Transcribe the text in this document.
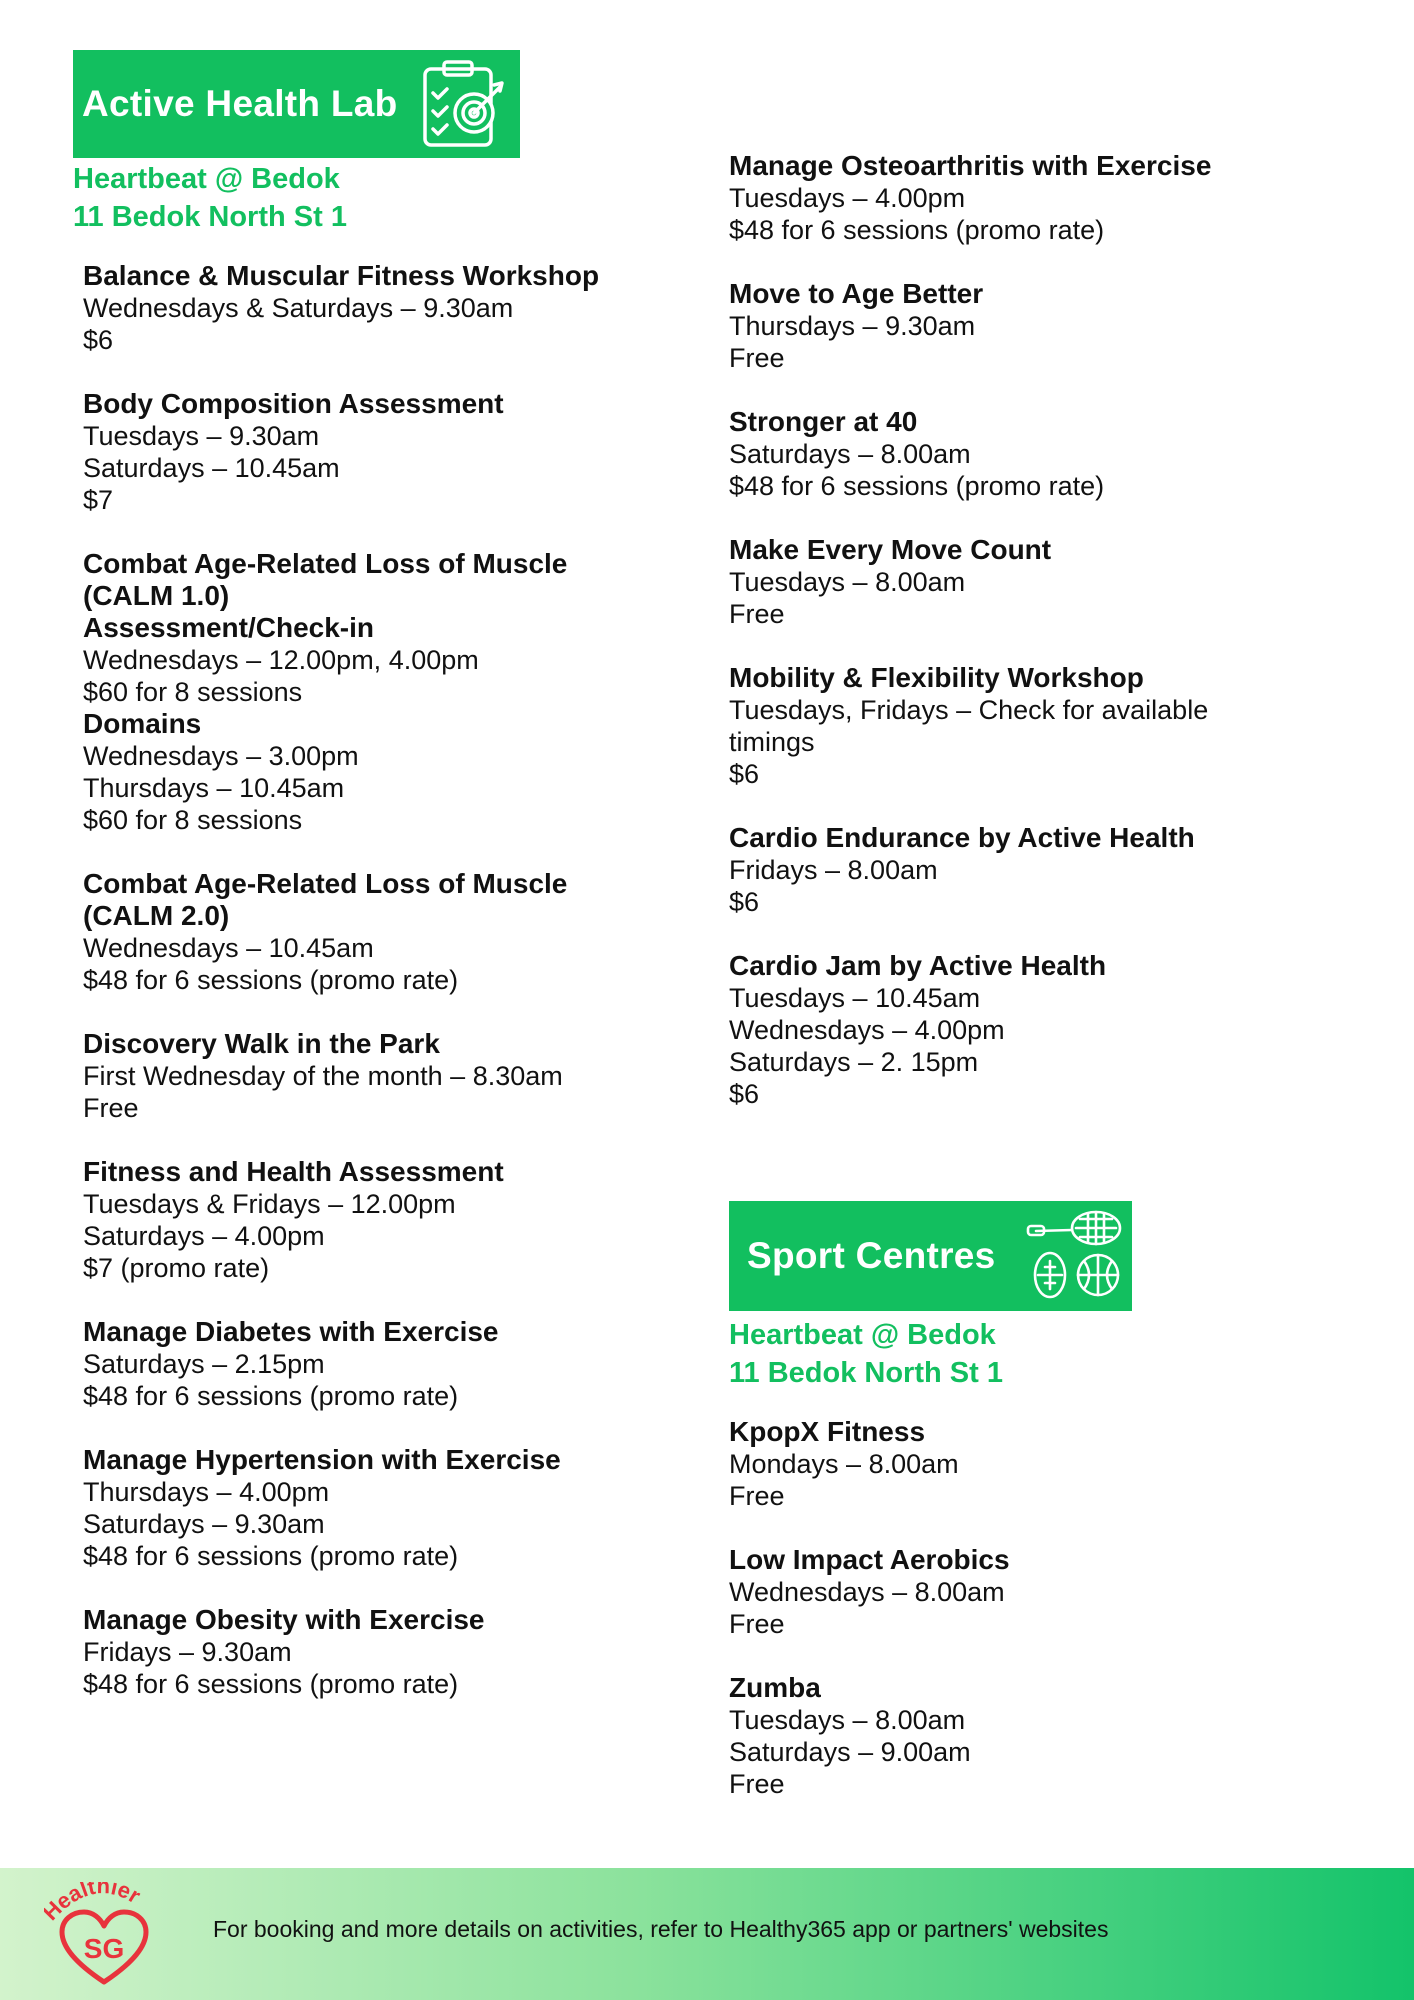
Active Health Lab
Heartbeat @ Bedok
11 Bedok North St 1
Balance & Muscular Fitness Workshop
Wednesdays & Saturdays – 9.30am
$6
Body Composition Assessment
Tuesdays – 9.30am
Saturdays – 10.45am
$7
Combat Age-Related Loss of Muscle
(CALM 1.0)
Assessment/Check-in
Wednesdays – 12.00pm, 4.00pm
$60 for 8 sessions
Domains
Wednesdays – 3.00pm
Thursdays – 10.45am
$60 for 8 sessions
Combat Age-Related Loss of Muscle
(CALM 2.0)
Wednesdays – 10.45am
$48 for 6 sessions (promo rate)
Discovery Walk in the Park
First Wednesday of the month – 8.30am
Free
Fitness and Health Assessment
Tuesdays & Fridays – 12.00pm
Saturdays – 4.00pm
$7 (promo rate)
Manage Diabetes with Exercise
Saturdays – 2.15pm
$48 for 6 sessions (promo rate)
Manage Hypertension with Exercise
Thursdays – 4.00pm
Saturdays – 9.30am
$48 for 6 sessions (promo rate)
Manage Obesity with Exercise
Fridays – 9.30am
$48 for 6 sessions (promo rate)
Manage Osteoarthritis with Exercise
Tuesdays – 4.00pm
$48 for 6 sessions (promo rate)
Move to Age Better
Thursdays – 9.30am
Free
Stronger at 40
Saturdays – 8.00am
$48 for 6 sessions (promo rate)
Make Every Move Count
Tuesdays – 8.00am
Free
Mobility & Flexibility Workshop
Tuesdays, Fridays – Check for available timings
$6
Cardio Endurance by Active Health
Fridays – 8.00am
$6
Cardio Jam by Active Health
Tuesdays – 10.45am
Wednesdays – 4.00pm
Saturdays – 2. 15pm
$6
Sport Centres
Heartbeat @ Bedok
11 Bedok North St 1
KpopX Fitness
Mondays – 8.00am
Free
Low Impact Aerobics
Wednesdays – 8.00am
Free
Zumba
Tuesdays – 8.00am
Saturdays – 9.00am
Free
ealthier
SG
For booking and more details on activities, refer to Healthy365 app or partners' websites
